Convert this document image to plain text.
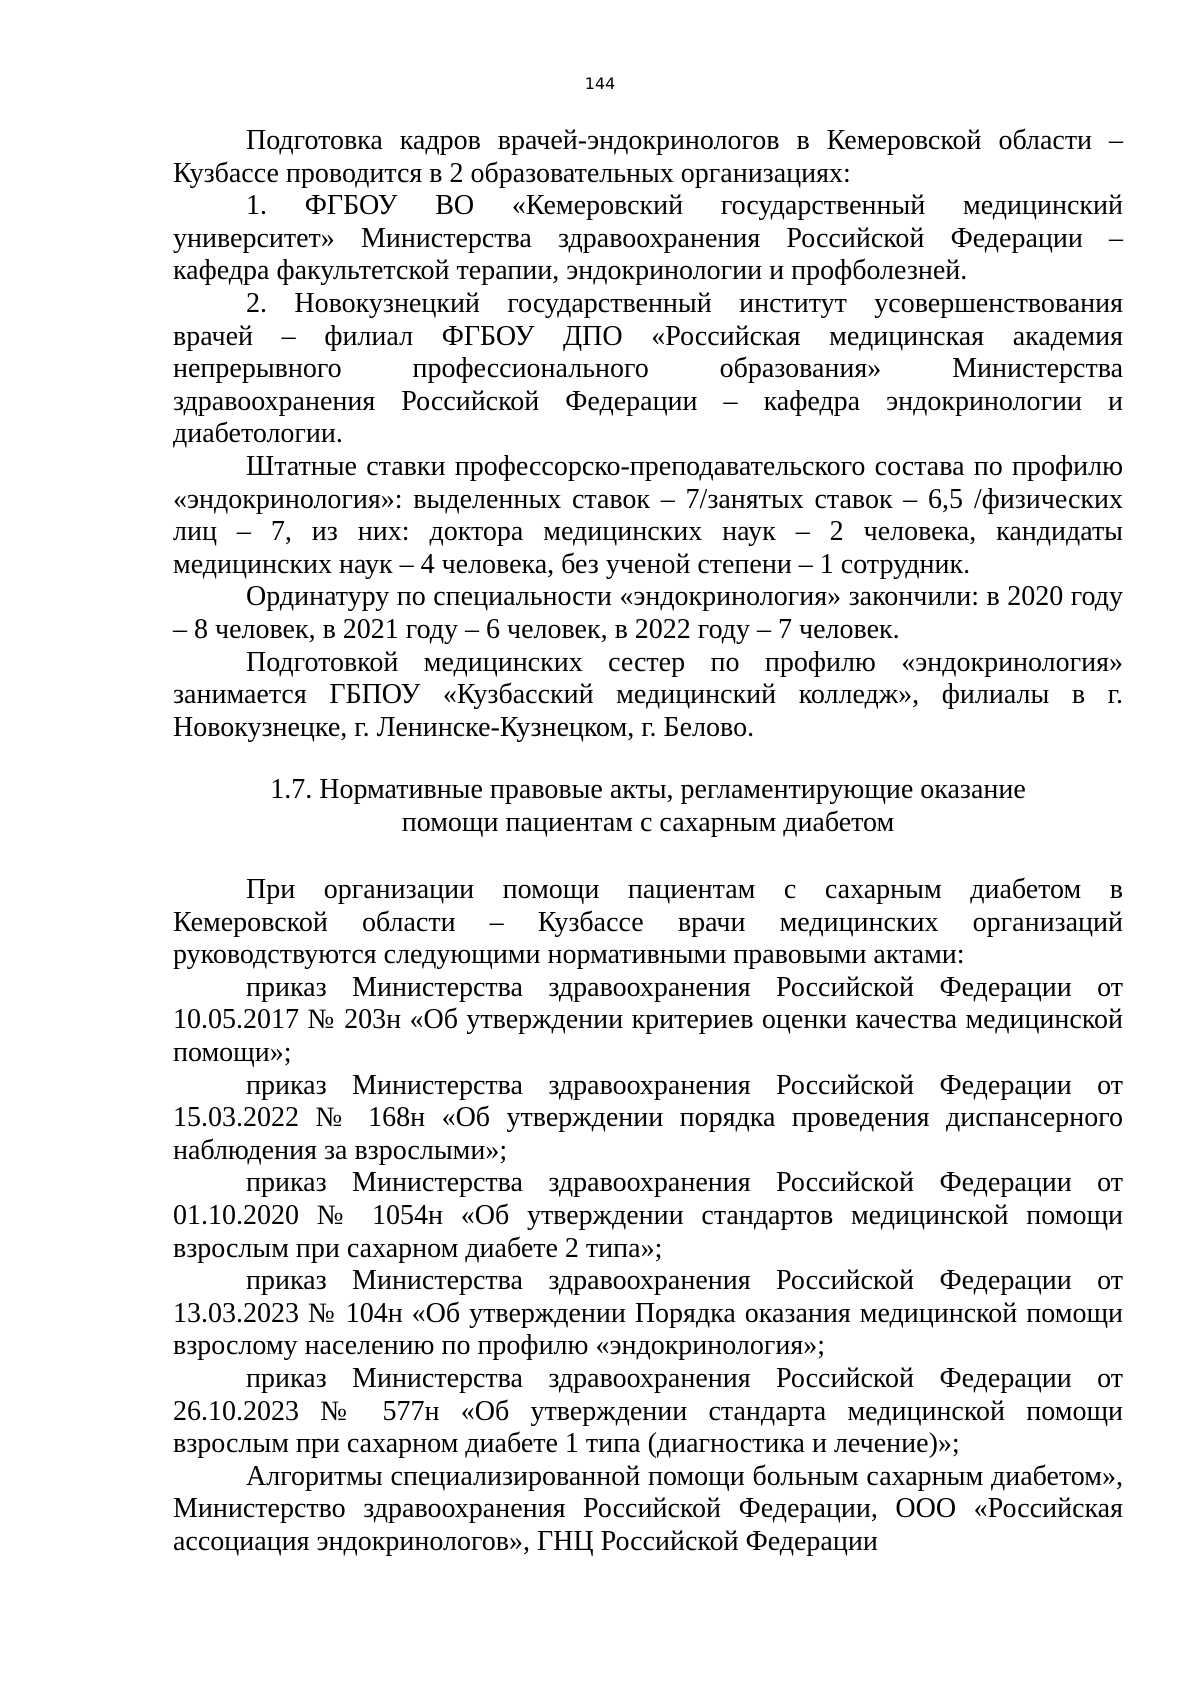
144

Подготовка кадров врачей-эндокринологов в Кемеровской области – Кузбассе проводится в 2 образовательных организациях:

1. ФГБОУ ВО «Кемеровский государственный медицинский университет» Министерства здравоохранения Российской Федерации – кафедра факультетской терапии, эндокринологии и профболезней.

2. Новокузнецкий государственный институт усовершенствования врачей – филиал ФГБОУ ДПО «Российская медицинская академия непрерывного профессионального образования» Министерства здравоохранения Российской Федерации – кафедра эндокринологии и диабетологии.

Штатные ставки профессорско-преподавательского состава по профилю «эндокринология»: выделенных ставок – 7/занятых ставок – 6,5 /физических лиц – 7, из них: доктора медицинских наук – 2 человека, кандидаты медицинских наук – 4 человека, без ученой степени – 1 сотрудник.

Ординатуру по специальности «эндокринология» закончили: в 2020 году – 8 человек, в 2021 году – 6 человек, в 2022 году – 7 человек.

Подготовкой медицинских сестер по профилю «эндокринология» занимается ГБПОУ «Кузбасский медицинский колледж», филиалы в г. Новокузнецке, г. Ленинске-Кузнецком, г. Белово.

1.7. Нормативные правовые акты, регламентирующие оказание
помощи пациентам с сахарным диабетом

При организации помощи пациентам с сахарным диабетом в Кемеровской области – Кузбассе врачи медицинских организаций руководствуются следующими нормативными правовыми актами:

приказ Министерства здравоохранения Российской Федерации от 10.05.2017 № 203н «Об утверждении критериев оценки качества медицинской помощи»;

приказ Министерства здравоохранения Российской Федерации от 15.03.2022 № 168н «Об утверждении порядка проведения диспансерного наблюдения за взрослыми»;

приказ Министерства здравоохранения Российской Федерации от 01.10.2020 № 1054н «Об утверждении стандартов медицинской помощи взрослым при сахарном диабете 2 типа»;

приказ Министерства здравоохранения Российской Федерации от 13.03.2023 № 104н «Об утверждении Порядка оказания медицинской помощи взрослому населению по профилю «эндокринология»;

приказ Министерства здравоохранения Российской Федерации от 26.10.2023 № 577н «Об утверждении стандарта медицинской помощи взрослым при сахарном диабете 1 типа (диагностика и лечение)»;

Алгоритмы специализированной помощи больным сахарным диабетом», Министерство здравоохранения Российской Федерации, ООО «Российская ассоциация эндокринологов», ГНЦ Российской Федерации
